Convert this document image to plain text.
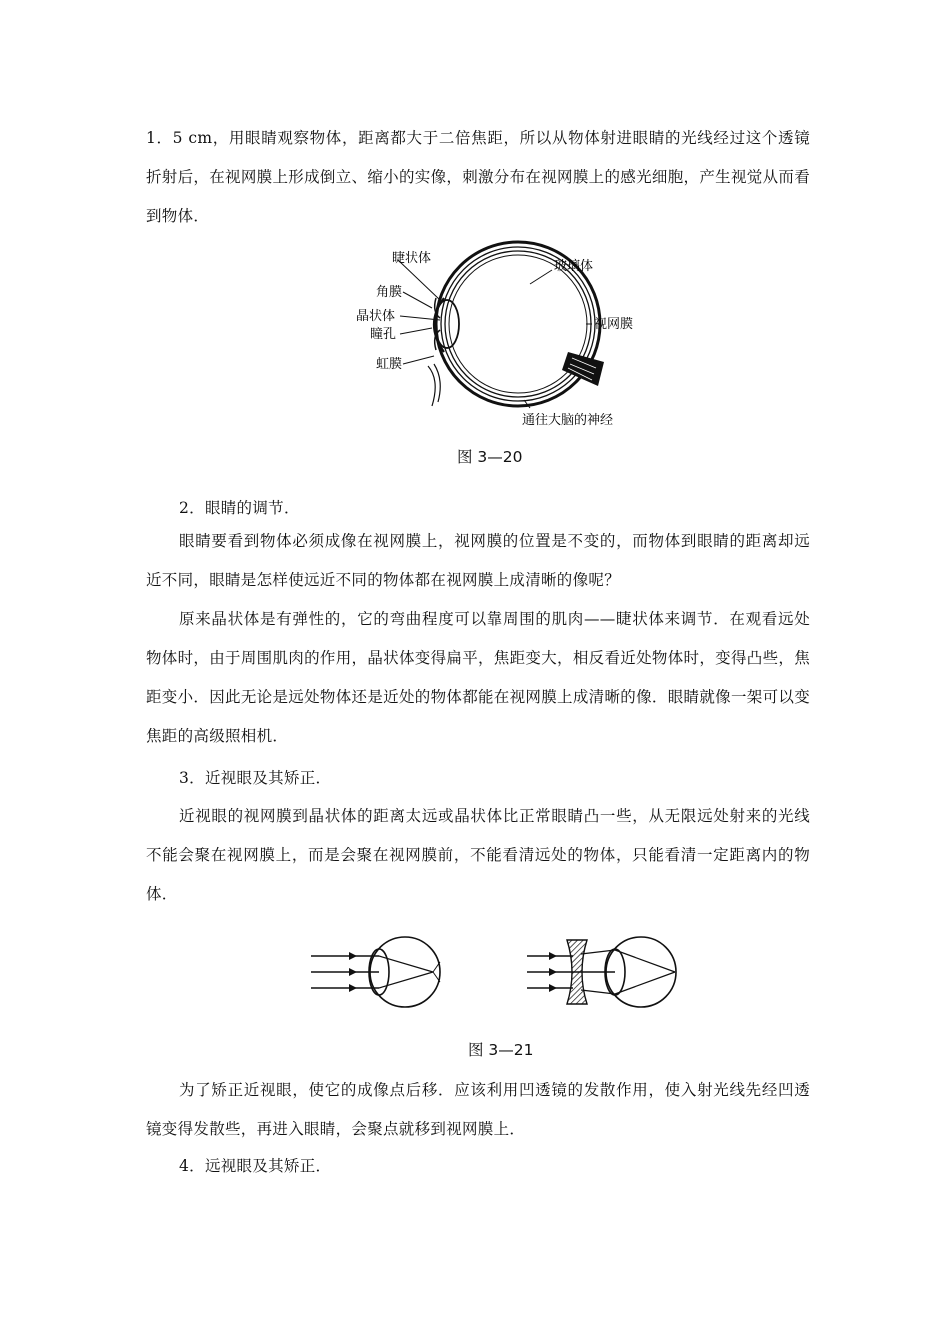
1．5 cm，用眼睛观察物体，距离都大于二倍焦距，所以从物体射进眼睛的光线经过这个透镜折射后，在视网膜上形成倒立、缩小的实像，刺激分布在视网膜上的感光细胞，产生视觉从而看到物体．

睫状体
角膜
晶状体
瞳孔
虹膜
玻璃体
视网膜
通往大脑的神经

图 3—20

2．眼睛的调节．

眼睛要看到物体必须成像在视网膜上，视网膜的位置是不变的，而物体到眼睛的距离却远近不同，眼睛是怎样使远近不同的物体都在视网膜上成清晰的像呢？

原来晶状体是有弹性的，它的弯曲程度可以靠周围的肌肉——睫状体来调节．在观看远处物体时，由于周围肌肉的作用，晶状体变得扁平，焦距变大，相反看近处物体时，变得凸些，焦距变小．因此无论是远处物体还是近处的物体都能在视网膜上成清晰的像．眼睛就像一架可以变焦距的高级照相机．

3．近视眼及其矫正．

近视眼的视网膜到晶状体的距离太远或晶状体比正常眼睛凸一些，从无限远处射来的光线不能会聚在视网膜上，而是会聚在视网膜前，不能看清远处的物体，只能看清一定距离内的物体．

图 3—21

为了矫正近视眼，使它的成像点后移．应该利用凹透镜的发散作用，使入射光线先经凹透镜变得发散些，再进入眼睛，会聚点就移到视网膜上．

4．远视眼及其矫正．
